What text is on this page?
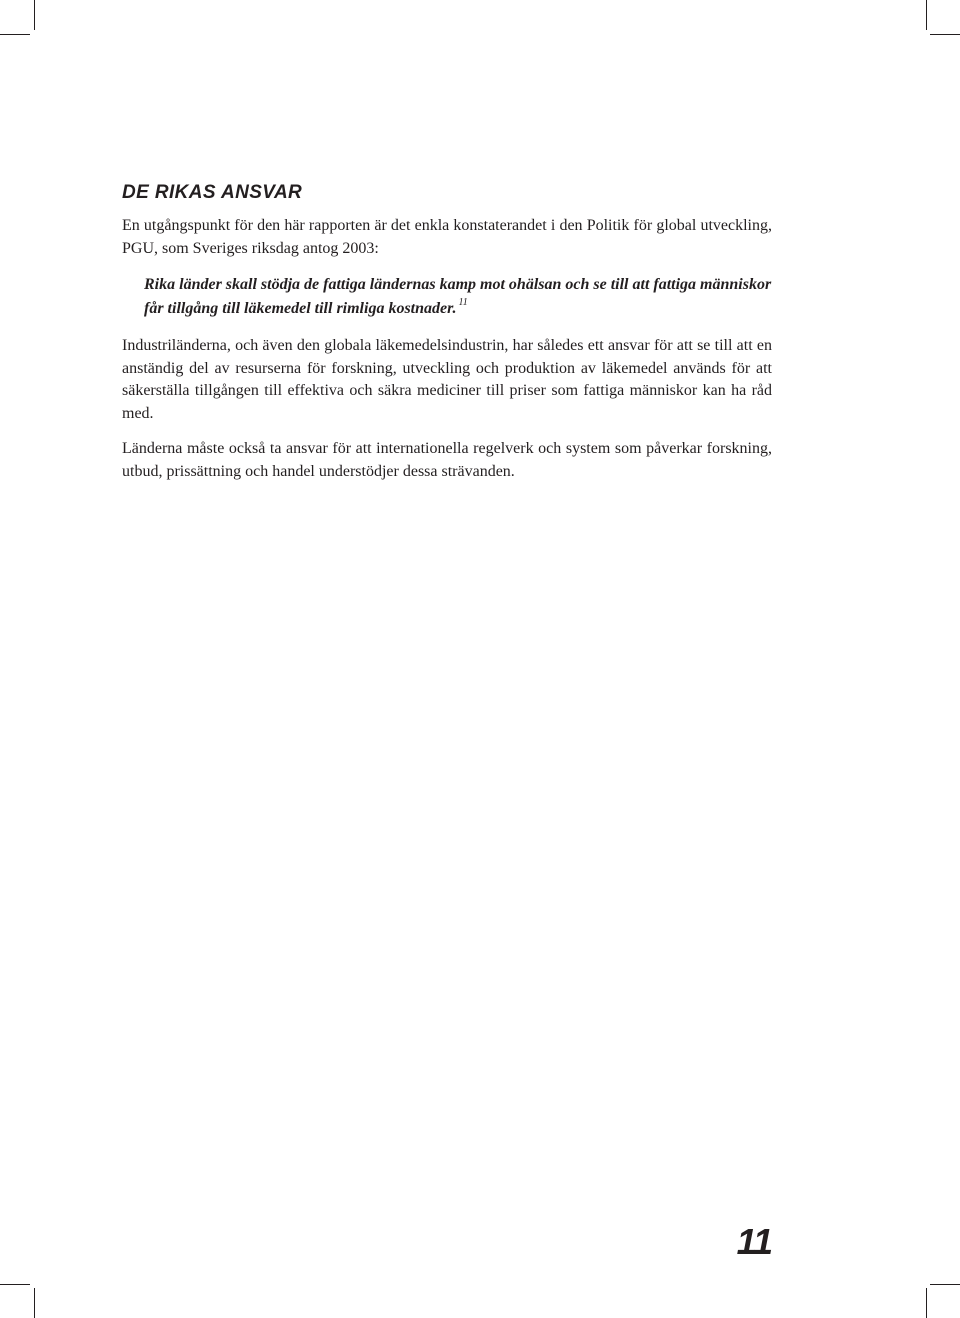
DE RIKAS ANSVAR

En utgångspunkt för den här rapporten är det enkla konstaterandet i den Politik för global utveckling, PGU, som Sveriges riksdag antog 2003:

Rika länder skall stödja de fattiga ländernas kamp mot ohälsan och se till att fattiga människor får tillgång till läkemedel till rimliga kostnader. $^{11}$

Industriländerna, och även den globala läkemedelsindustrin, har således ett ansvar för att se till att en anständig del av resurserna för forskning, utveckling och produktion av läkemedel används för att säkerställa tillgången till effektiva och säkra mediciner till priser som fattiga människor kan ha råd med.

Länderna måste också ta ansvar för att internationella regelverk och system som påverkar forskning, utbud, prissättning och handel understödjer dessa strävanden.

11
